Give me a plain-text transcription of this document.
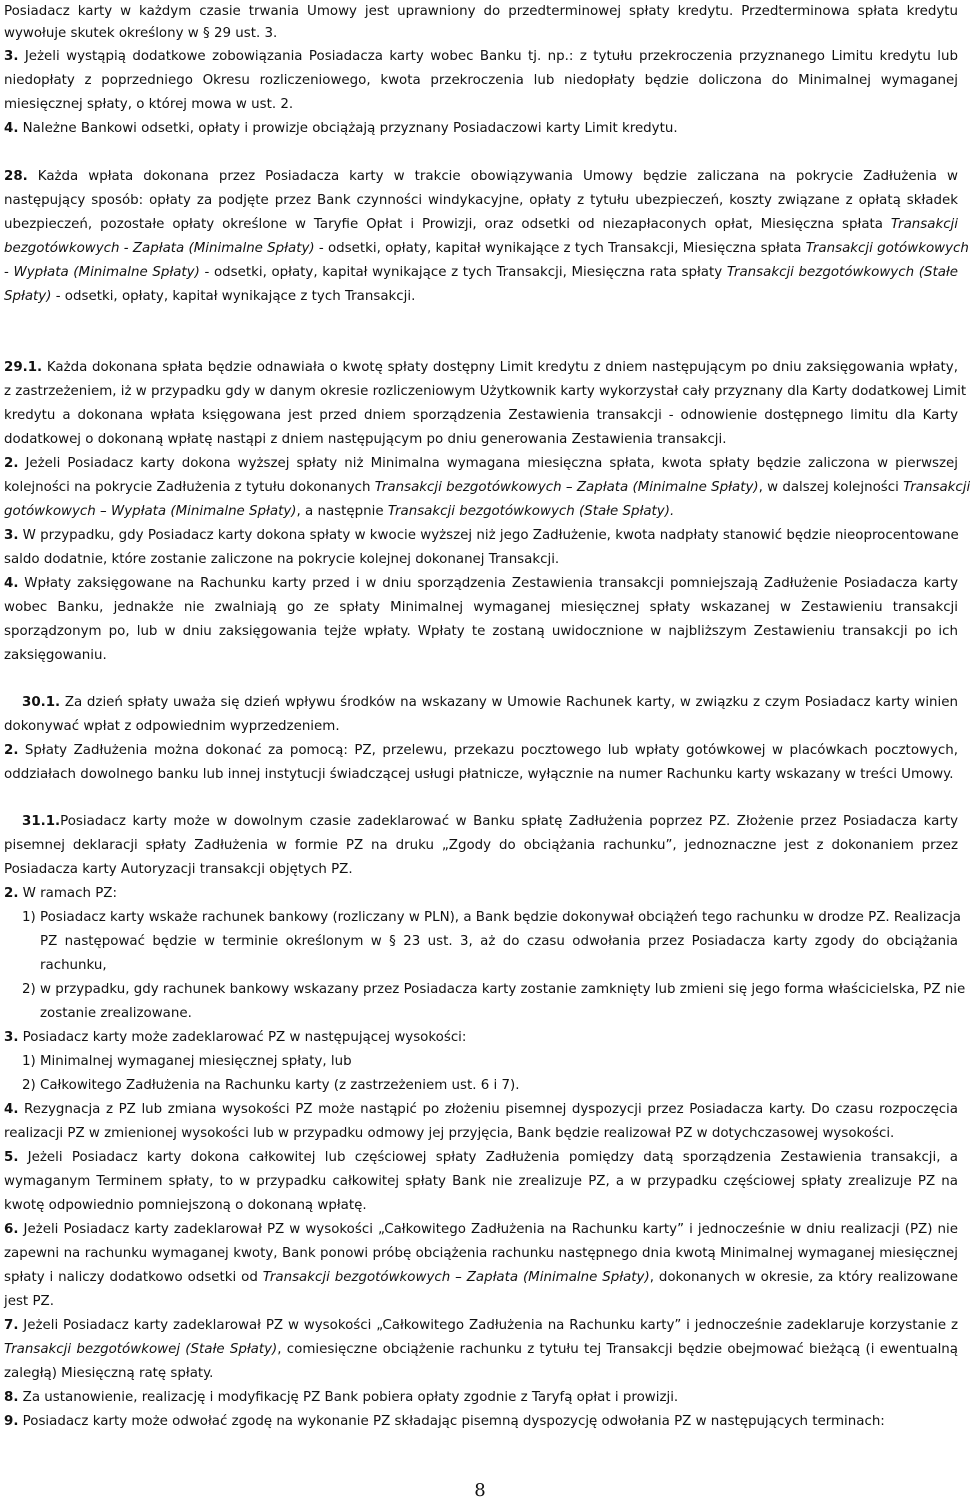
Posiadacz karty w każdym czasie trwania Umowy jest uprawniony do przedterminowej spłaty kredytu. Przedterminowa spłata kredytu
wywołuje skutek określony w § 29 ust. 3.
3. Jeżeli wystąpią dodatkowe zobowiązania Posiadacza karty wobec Banku tj. np.: z tytułu przekroczenia przyznanego Limitu kredytu lub
niedopłaty z poprzedniego Okresu rozliczeniowego, kwota przekroczenia lub niedopłaty będzie doliczona do Minimalnej wymaganej
miesięcznej spłaty, o której mowa w ust. 2.
4. Należne Bankowi odsetki, opłaty i prowizje obciążają przyznany Posiadaczowi karty Limit kredytu.
28. Każda wpłata dokonana przez Posiadacza karty w trakcie obowiązywania Umowy będzie zaliczana na pokrycie Zadłużenia w
następujący sposób: opłaty za podjęte przez Bank czynności windykacyjne, opłaty z tytułu ubezpieczeń, koszty związane z opłatą składek
ubezpieczeń, pozostałe opłaty określone w Taryfie Opłat i Prowizji, oraz odsetki od niezapłaconych opłat, Miesięczna spłata Transakcji
bezgotówkowych - Zapłata (Minimalne Spłaty) - odsetki, opłaty, kapitał wynikające z tych Transakcji, Miesięczna spłata Transakcji gotówkowych
- Wypłata (Minimalne Spłaty) - odsetki, opłaty, kapitał wynikające z tych Transakcji, Miesięczna rata spłaty Transakcji bezgotówkowych (Stałe
Spłaty) - odsetki, opłaty, kapitał wynikające z tych Transakcji.
29.1. Każda dokonana spłata będzie odnawiała o kwotę spłaty dostępny Limit kredytu z dniem następującym po dniu zaksięgowania wpłaty,
z zastrzeżeniem, iż w przypadku gdy w danym okresie rozliczeniowym Użytkownik karty wykorzystał cały przyznany dla Karty dodatkowej Limit
kredytu a dokonana wpłata księgowana jest przed dniem sporządzenia Zestawienia transakcji - odnowienie dostępnego limitu dla Karty
dodatkowej o dokonaną wpłatę nastąpi z dniem następującym po dniu generowania Zestawienia transakcji.
2. Jeżeli Posiadacz karty dokona wyższej spłaty niż Minimalna wymagana miesięczna spłata, kwota spłaty będzie zaliczona w pierwszej
kolejności na pokrycie Zadłużenia z tytułu dokonanych Transakcji bezgotówkowych – Zapłata (Minimalne Spłaty), w dalszej kolejności Transakcji
gotówkowych – Wypłata (Minimalne Spłaty), a następnie Transakcji bezgotówkowych (Stałe Spłaty).
3. W przypadku, gdy Posiadacz karty dokona spłaty w kwocie wyższej niż jego Zadłużenie, kwota nadpłaty stanowić będzie nieoprocentowane
saldo dodatnie, które zostanie zaliczone na pokrycie kolejnej dokonanej Transakcji.
4. Wpłaty zaksięgowane na Rachunku karty przed i w dniu sporządzenia Zestawienia transakcji pomniejszają Zadłużenie Posiadacza karty
wobec Banku, jednakże nie zwalniają go ze spłaty Minimalnej wymaganej miesięcznej spłaty wskazanej w Zestawieniu transakcji
sporządzonym po, lub w dniu zaksięgowania tejże wpłaty. Wpłaty te zostaną uwidocznione w najbliższym Zestawieniu transakcji po ich
zaksięgowaniu.
30.1. Za dzień spłaty uważa się dzień wpływu środków na wskazany w Umowie Rachunek karty, w związku z czym Posiadacz karty winien
dokonywać wpłat z odpowiednim wyprzedzeniem.
2. Spłaty Zadłużenia można dokonać za pomocą: PZ, przelewu, przekazu pocztowego lub wpłaty gotówkowej w placówkach pocztowych,
oddziałach dowolnego banku lub innej instytucji świadczącej usługi płatnicze, wyłącznie na numer Rachunku karty wskazany w treści Umowy.
31.1.Posiadacz karty może w dowolnym czasie zadeklarować w Banku spłatę Zadłużenia poprzez PZ. Złożenie przez Posiadacza karty
pisemnej deklaracji spłaty Zadłużenia w formie PZ na druku „Zgody do obciążania rachunku”, jednoznaczne jest z dokonaniem przez
Posiadacza karty Autoryzacji transakcji objętych PZ.
2. W ramach PZ:
1) Posiadacz karty wskaże rachunek bankowy (rozliczany w PLN), a Bank będzie dokonywał obciążeń tego rachunku w drodze PZ. Realizacja
PZ następować będzie w terminie określonym w § 23 ust. 3, aż do czasu odwołania przez Posiadacza karty zgody do obciążania
rachunku,
2) w przypadku, gdy rachunek bankowy wskazany przez Posiadacza karty zostanie zamknięty lub zmieni się jego forma właścicielska, PZ nie
zostanie zrealizowane.
3. Posiadacz karty może zadeklarować PZ w następującej wysokości:
1) Minimalnej wymaganej miesięcznej spłaty, lub
2) Całkowitego Zadłużenia na Rachunku karty (z zastrzeżeniem ust. 6 i 7).
4. Rezygnacja z PZ lub zmiana wysokości PZ może nastąpić po złożeniu pisemnej dyspozycji przez Posiadacza karty. Do czasu rozpoczęcia
realizacji PZ w zmienionej wysokości lub w przypadku odmowy jej przyjęcia, Bank będzie realizował PZ w dotychczasowej wysokości.
5. Jeżeli Posiadacz karty dokona całkowitej lub częściowej spłaty Zadłużenia pomiędzy datą sporządzenia Zestawienia transakcji, a
wymaganym Terminem spłaty, to w przypadku całkowitej spłaty Bank nie zrealizuje PZ, a w przypadku częściowej spłaty zrealizuje PZ na
kwotę odpowiednio pomniejszoną o dokonaną wpłatę.
6. Jeżeli Posiadacz karty zadeklarował PZ w wysokości „Całkowitego Zadłużenia na Rachunku karty” i jednocześnie w dniu realizacji (PZ) nie
zapewni na rachunku wymaganej kwoty, Bank ponowi próbę obciążenia rachunku następnego dnia kwotą Minimalnej wymaganej miesięcznej
spłaty i naliczy dodatkowo odsetki od Transakcji bezgotówkowych – Zapłata (Minimalne Spłaty), dokonanych w okresie, za który realizowane
jest PZ.
7. Jeżeli Posiadacz karty zadeklarował PZ w wysokości „Całkowitego Zadłużenia na Rachunku karty” i jednocześnie zadeklaruje korzystanie z
Transakcji bezgotówkowej (Stałe Spłaty), comiesięczne obciążenie rachunku z tytułu tej Transakcji będzie obejmować bieżącą (i ewentualną
zaległą) Miesięczną ratę spłaty.
8. Za ustanowienie, realizację i modyfikację PZ Bank pobiera opłaty zgodnie z Taryfą opłat i prowizji.
9. Posiadacz karty może odwołać zgodę na wykonanie PZ składając pisemną dyspozycję odwołania PZ w następujących terminach:
8
